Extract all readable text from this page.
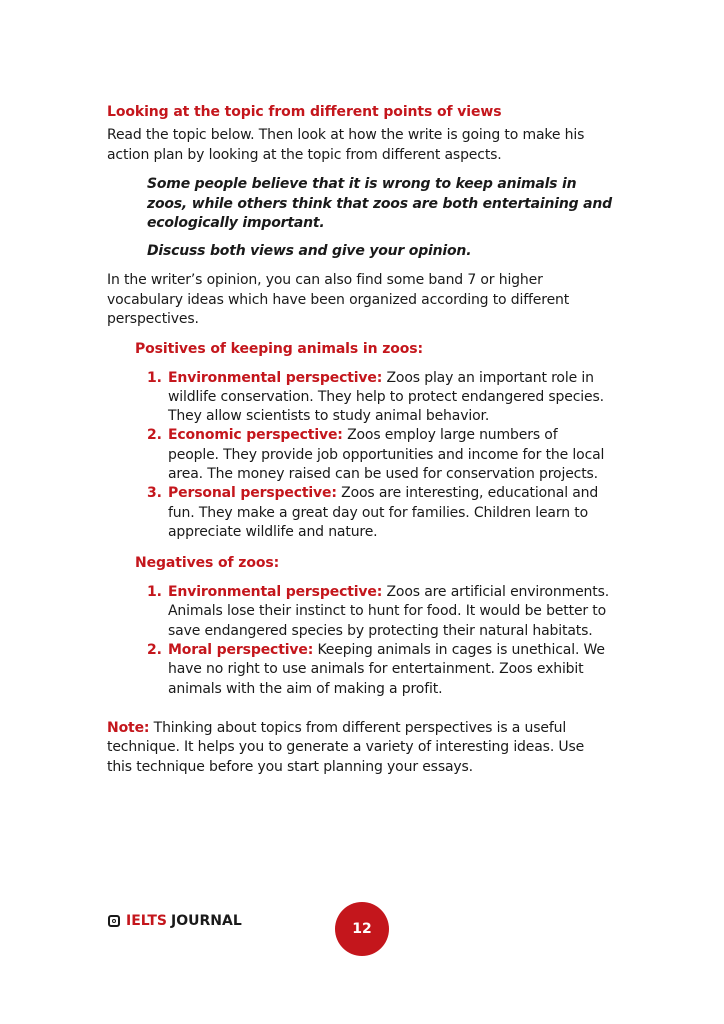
Looking at the topic from different points of views

Read the topic below. Then look at how the write is going to make his action plan by looking at the topic from different aspects.

Some people believe that it is wrong to keep animals in zoos, while others think that zoos are both entertaining and ecologically important.

Discuss both views and give your opinion.

In the writer’s opinion, you can also find some band 7 or higher vocabulary ideas which have been organized according to different perspectives.

Positives of keeping animals in zoos:
1. Environmental perspective: Zoos play an important role in wildlife conservation. They help to protect endangered species. They allow scientists to study animal behavior.
2. Economic perspective: Zoos employ large numbers of people. They provide job opportunities and income for the local area. The money raised can be used for conservation projects.
3. Personal perspective: Zoos are interesting, educational and fun. They make a great day out for families. Children learn to appreciate wildlife and nature.
Negatives of zoos:
1. Environmental perspective: Zoos are artificial environments. Animals lose their instinct to hunt for food. It would be better to save endangered species by protecting their natural habitats.
2. Moral perspective: Keeping animals in cages is unethical. We have no right to use animals for entertainment. Zoos exhibit animals with the aim of making a profit.

Note: Thinking about topics from different perspectives is a useful technique. It helps you to generate a variety of interesting ideas. Use this technique before you start planning your essays.

IELTS JOURNAL	12
